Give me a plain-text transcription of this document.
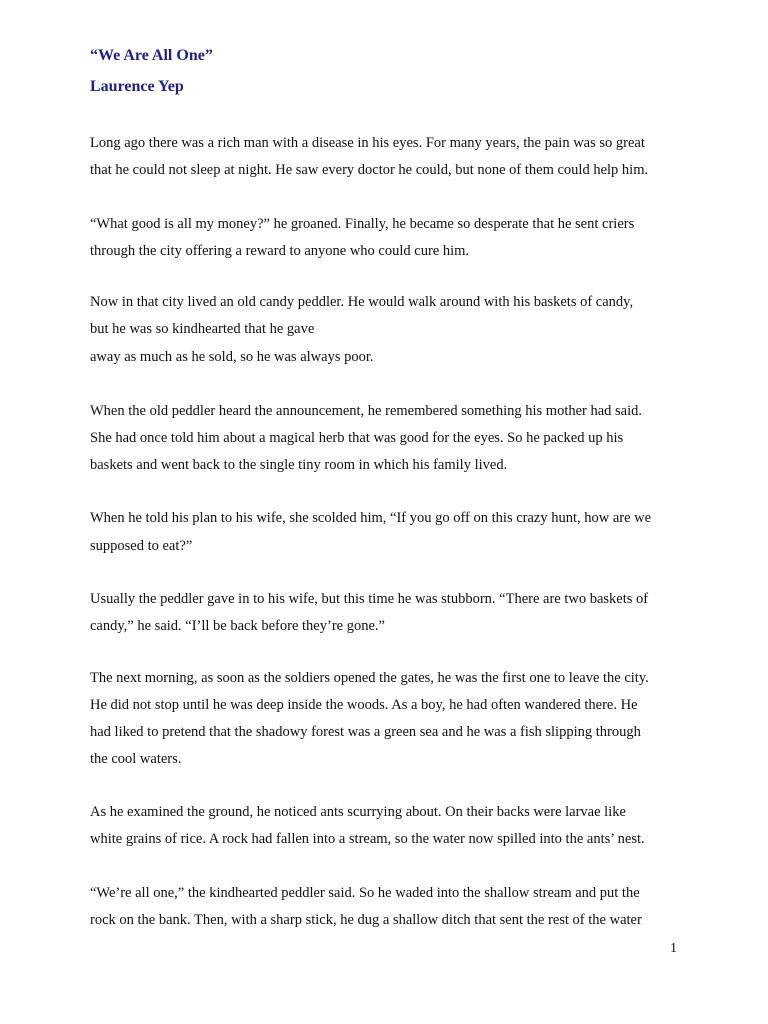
“We Are All One”
Laurence Yep
Long ago there was a rich man with a disease in his eyes. For many years, the pain was so great
that he could not sleep at night. He saw every doctor he could, but none of them could help him.
“What good is all my money?” he groaned. Finally, he became so desperate that he sent criers
through the city offering a reward to anyone who could cure him.
Now in that city lived an old candy peddler. He would walk around with his baskets of candy,
but he was so kindhearted that he gave
away as much as he sold, so he was always poor.
When the old peddler heard the announcement, he remembered something his mother had said.
She had once told him about a magical herb that was good for the eyes. So he packed up his
baskets and went back to the single tiny room in which his family lived.
When he told his plan to his wife, she scolded him, “If you go off on this crazy hunt, how are we
supposed to eat?”
Usually the peddler gave in to his wife, but this time he was stubborn. “There are two baskets of
candy,” he said. “I’ll be back before they’re gone.”
The next morning, as soon as the soldiers opened the gates, he was the first one to leave the city.
He did not stop until he was deep inside the woods. As a boy, he had often wandered there. He
had liked to pretend that the shadowy forest was a green sea and he was a fish slipping through
the cool waters.
As he examined the ground, he noticed ants scurrying about. On their backs were larvae like
white grains of rice. A rock had fallen into a stream, so the water now spilled into the ants’ nest.
“We’re all one,” the kindhearted peddler said. So he waded into the shallow stream and put the
rock on the bank. Then, with a sharp stick, he dug a shallow ditch that sent the rest of the water
1
